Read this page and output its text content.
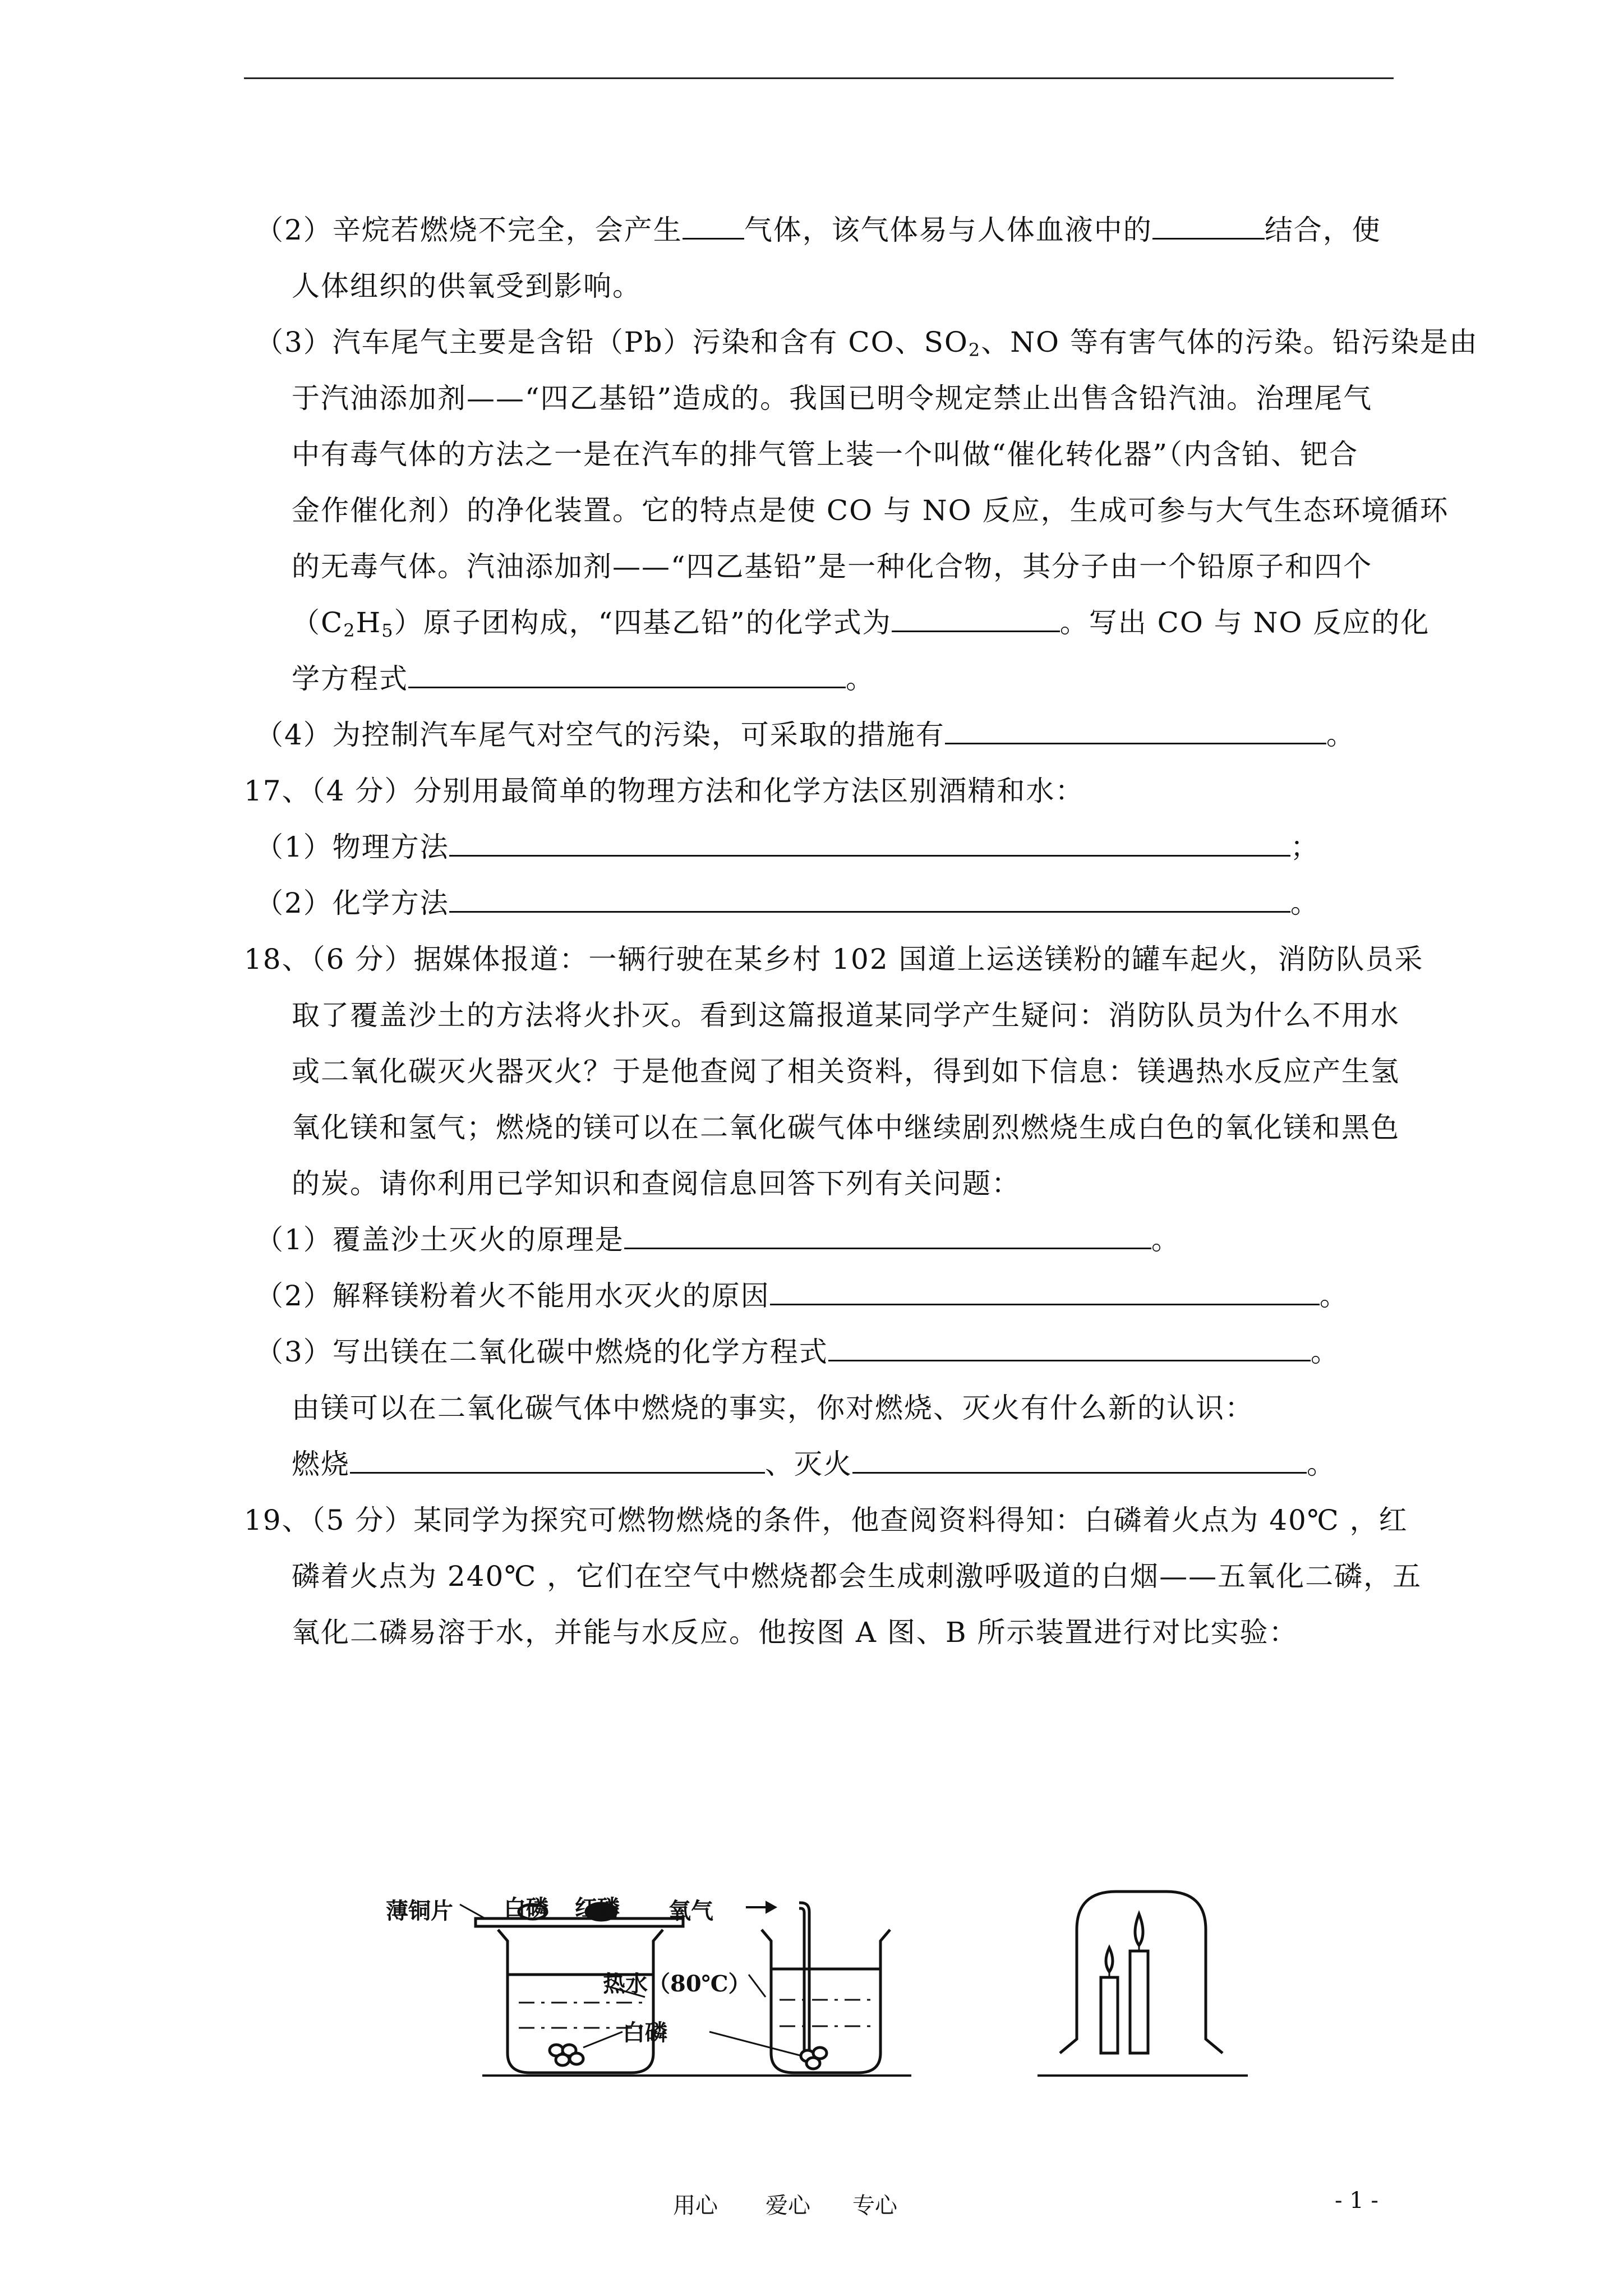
（2）辛烷若燃烧不完全，会产生 气体，该气体易与人体血液中的	结合，使
人体组织的供氧受到影响。
（3）汽车尾气主要是含铅（Pb）污染和含有 CO、$SO_2$、NO 等有害气体的污染。铅污染是由
于汽油添加剂——“四乙基铅”造成的。我国已明令规定禁止出售含铅汽油。治理尾气
中有毒气体的方法之一是在汽车的排气管上装一个叫做“催化转化器”（内含铂、钯合
金作催化剂）的净化装置。它的特点是使 CO 与 NO 反应，生成可参与大气生态环境循环
的无毒气体。汽油添加剂——“四乙基铅”是一种化合物，其分子由一个铅原子和四个
$(C_2H_5)$原子团构成，“四基乙铅”的化学式为	。写出 CO 与 NO 反应的化
学方程式	。
（4）为控制汽车尾气对空气的污染，可采取的措施有	。
17、（4 分）分别用最简单的物理方法和化学方法区别酒精和水：
（1）物理方法	；
（2）化学方法	。
18、（6 分）据媒体报道：一辆行驶在某乡村 102 国道上运送镁粉的罐车起火，消防队员采
取了覆盖沙土的方法将火扑灭。看到这篇报道某同学产生疑问：消防队员为什么不用水
或二氧化碳灭火器灭火？于是他查阅了相关资料，得到如下信息：镁遇热水反应产生氢
氧化镁和氢气；燃烧的镁可以在二氧化碳气体中继续剧烈燃烧生成白色的氧化镁和黑色
的炭。请你利用已学知识和查阅信息回答下列有关问题：
（1）覆盖沙土灭火的原理是	。
（2）解释镁粉着火不能用水灭火的原因	。
（3）写出镁在二氧化碳中燃烧的化学方程式	。
由镁可以在二氧化碳气体中燃烧的事实，你对燃烧、灭火有什么新的认识：
燃烧	、灭火	。
19、（5 分）某同学为探究可燃物燃烧的条件，他查阅资料得知：白磷着火点为 40℃ ，红
磷着火点为 240℃ ，它们在空气中燃烧都会生成刺激呼吸道的白烟——五氧化二磷，五
氧化二磷易溶于水，并能与水反应。他按图 A 图、B 所示装置进行对比实验：
薄铜片 白磷 红磷 氧气
热水（80℃）
白磷
用心 爱心 专心	- 1 -
